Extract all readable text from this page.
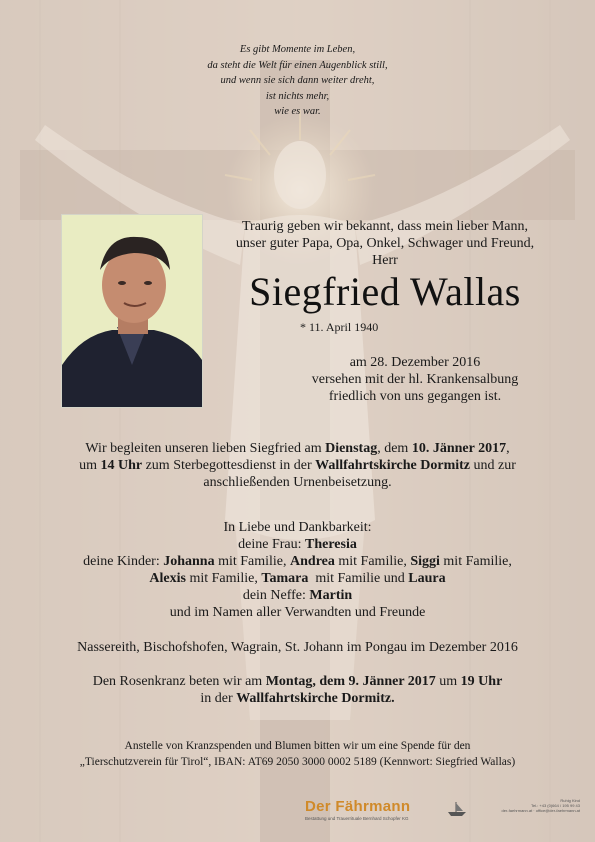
Es gibt Momente im Leben,
da steht die Welt für einen Augenblick still,
und wenn sie sich dann weiter dreht,
ist nichts mehr,
wie es war.
Traurig geben wir bekannt, dass mein lieber Mann,
unser guter Papa, Opa, Onkel, Schwager und Freund,
Herr
Siegfried Wallas
* 11. April 1940
am 28. Dezember 2016
versehen mit der hl. Krankensalbung
friedlich von uns gegangen ist.
Wir begleiten unseren lieben Siegfried am Dienstag, dem 10. Jänner 2017,
um 14 Uhr zum Sterbegottesdienst in der Wallfahrtskirche Dormitz und zur
anschließenden Urnenbeisetzung.
In Liebe und Dankbarkeit:
deine Frau: Theresia
deine Kinder: Johanna mit Familie, Andrea mit Familie, Siggi mit Familie,
Alexis mit Familie, Tamara  mit Familie und Laura
dein Neffe: Martin
und im Namen aller Verwandten und Freunde
Nassereith, Bischofshofen, Wagrain, St. Johann im Pongau im Dezember 2016
Den Rosenkranz beten wir am Montag, dem 9. Jänner 2017 um 19 Uhr
in der Wallfahrtskirche Dormitz.
Anstelle von Kranzspenden und Blumen bitten wir um eine Spende für den
„Tierschutzverein für Tirol“, IBAN: AT69 2050 3000 0002 5189 (Kennwort: Siegfried Wallas)
Der Fährmann
Bestattung und Trauerrituale Bernhard Schopfer KG
Ruhig Kind
Tel.: +43 (0)664 / 195 99 43
der-faehrmann.at · office@der-faehrmann.at
